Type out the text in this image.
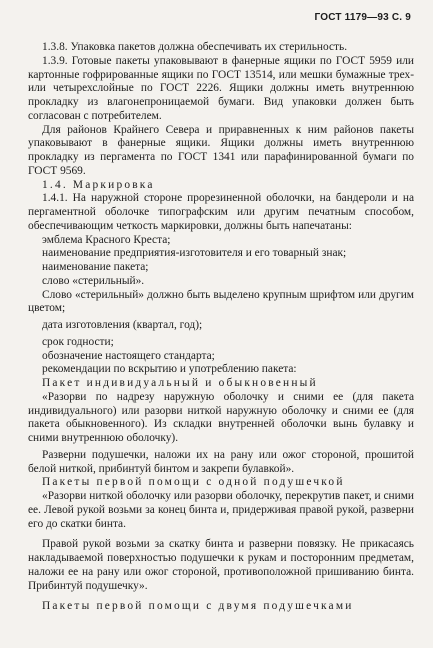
ГОСТ 1179—93 С. 9

1.3.8. Упаковка пакетов должна обеспечивать их стерильность.

1.3.9. Готовые пакеты упаковывают в фанерные ящики по ГОСТ 5959 или картонные гофрированные ящики по ГОСТ 13514, или мешки бумажные трех- или четырехслойные по ГОСТ 2226. Ящики должны иметь внутреннюю прокладку из влагонепроницаемой бумаги. Вид упаковки должен быть согласован с потребителем.

Для районов Крайнего Севера и приравненных к ним районов пакеты упаковывают в фанерные ящики. Ящики должны иметь внутреннюю прокладку из пергамента по ГОСТ 1341 или парафинированной бумаги по ГОСТ 9569.

1.4. Маркировка

1.4.1. На наружной стороне прорезиненной оболочки, на бандероли и на пергаментной оболочке типографским или другим печатным способом, обеспечивающим четкость маркировки, должны быть напечатаны:

эмблема Красного Креста;

наименование предприятия-изготовителя и его товарный знак;

наименование пакета;

слово «стерильный».

Слово «стерильный» должно быть выделено крупным шрифтом или другим цветом;

дата изготовления (квартал, год);

срок годности;

обозначение настоящего стандарта;

рекомендации по вскрытию и употреблению пакета:

Пакет индивидуальный и обыкновенный

«Разорви по надрезу наружную оболочку и сними ее (для пакета индивидуального) или разорви ниткой наружную оболочку и сними ее (для пакета обыкновенного). Из складки внутренней оболочки вынь булавку и сними внутреннюю оболочку).

Разверни подушечки, наложи их на рану или ожог стороной, прошитой белой ниткой, прибинтуй бинтом и закрепи булавкой».

Пакеты первой помощи с одной подушечкой

«Разорви ниткой оболочку или разорви оболочку, перекрутив пакет, и сними ее. Левой рукой возьми за конец бинта и, придерживая правой рукой, разверни его до скатки бинта.

Правой рукой возьми за скатку бинта и разверни повязку. Не прикасаясь накладываемой поверхностью подушечки к рукам и посторонним предметам, наложи ее на рану или ожог стороной, противоположной пришиванию бинта. Прибинтуй подушечку».

Пакеты первой помощи с двумя подушечками
